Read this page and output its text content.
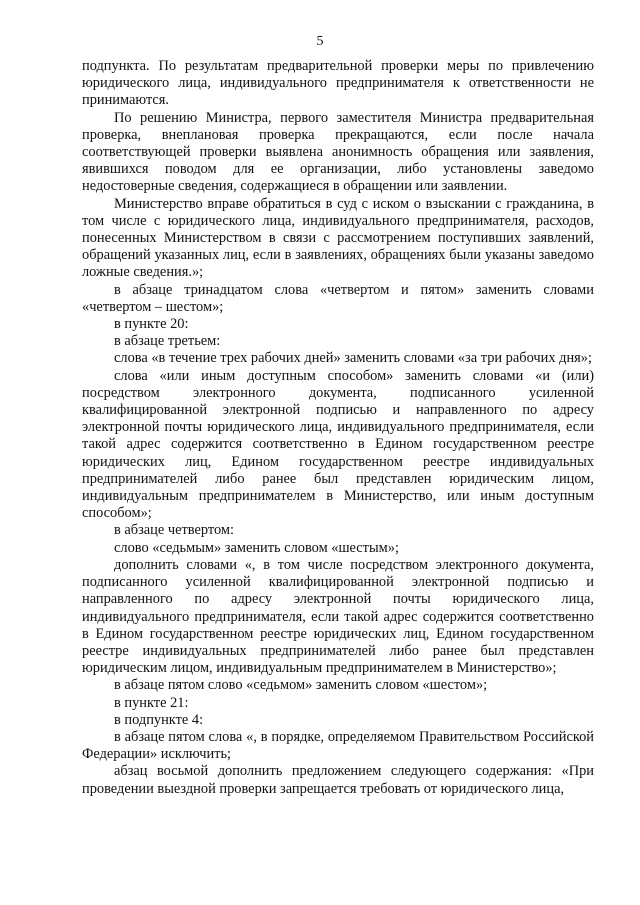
5

подпункта. По результатам предварительной проверки меры по привлечению юридического лица, индивидуального предпринимателя к ответственности не принимаются.

По решению Министра, первого заместителя Министра предварительная проверка, внеплановая проверка прекращаются, если после начала соответствующей проверки выявлена анонимность обращения или заявления, явившихся поводом для ее организации, либо установлены заведомо недостоверные сведения, содержащиеся в обращении или заявлении.

Министерство вправе обратиться в суд с иском о взыскании с гражданина, в том числе с юридического лица, индивидуального предпринимателя, расходов, понесенных Министерством в связи с рассмотрением поступивших заявлений, обращений указанных лиц, если в заявлениях, обращениях были указаны заведомо ложные сведения.»;

в абзаце тринадцатом слова «четвертом и пятом» заменить словами «четвертом – шестом»;

в пункте 20:

в абзаце третьем:

слова «в течение трех рабочих дней» заменить словами «за три рабочих дня»;

слова «или иным доступным способом» заменить словами «и (или) посредством электронного документа, подписанного усиленной квалифицированной электронной подписью и направленного по адресу электронной почты юридического лица, индивидуального предпринимателя, если такой адрес содержится соответственно в Едином государственном реестре юридических лиц, Едином государственном реестре индивидуальных предпринимателей либо ранее был представлен юридическим лицом, индивидуальным предпринимателем в Министерство, или иным доступным способом»;

в абзаце четвертом:

слово «седьмым» заменить словом «шестым»;

дополнить словами «, в том числе посредством электронного документа, подписанного усиленной квалифицированной электронной подписью и направленного по адресу электронной почты юридического лица, индивидуального предпринимателя, если такой адрес содержится соответственно в Едином государственном реестре юридических лиц, Едином государственном реестре индивидуальных предпринимателей либо ранее был представлен юридическим лицом, индивидуальным предпринимателем в Министерство»;

в абзаце пятом слово «седьмом» заменить словом «шестом»;

в пункте 21:

в подпункте 4:

в абзаце пятом слова «, в порядке, определяемом Правительством Российской Федерации» исключить;

абзац восьмой дополнить предложением следующего содержания: «При проведении выездной проверки запрещается требовать от юридического лица,
